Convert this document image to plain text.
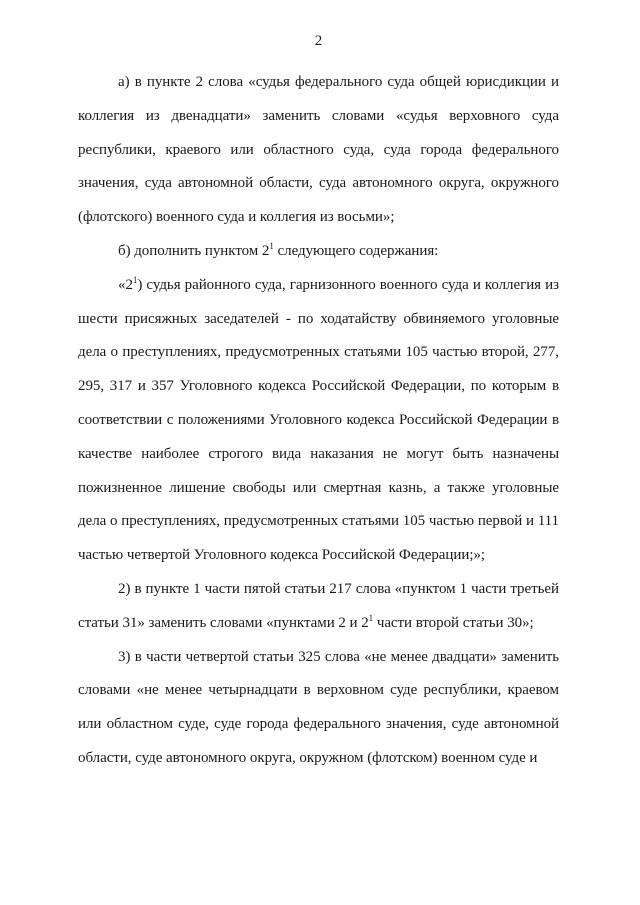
2

а) в пункте 2 слова «судья федерального суда общей юрисдикции и коллегия из двенадцати» заменить словами «судья верховного суда республики, краевого или областного суда, суда города федерального значения, суда автономной области, суда автономного округа, окружного (флотского) военного суда и коллегия из восьми»;

б) дополнить пунктом $2^1$ следующего содержания:

«$2^1$) судья районного суда, гарнизонного военного суда и коллегия из шести присяжных заседателей - по ходатайству обвиняемого уголовные дела о преступлениях, предусмотренных статьями 105 частью второй, 277, 295, 317 и 357 Уголовного кодекса Российской Федерации, по которым в соответствии с положениями Уголовного кодекса Российской Федерации в качестве наиболее строгого вида наказания не могут быть назначены пожизненное лишение свободы или смертная казнь, а также уголовные дела о преступлениях, предусмотренных статьями 105 частью первой и 111 частью четвертой Уголовного кодекса Российской Федерации;»;

2) в пункте 1 части пятой статьи 217 слова «пунктом 1 части третьей статьи 31» заменить словами «пунктами 2 и $2^1$ части второй статьи 30»;

3) в части четвертой статьи 325 слова «не менее двадцати» заменить словами «не менее четырнадцати в верховном суде республики, краевом или областном суде, суде города федерального значения, суде автономной области, суде автономного округа, окружном (флотском) военном суде и
